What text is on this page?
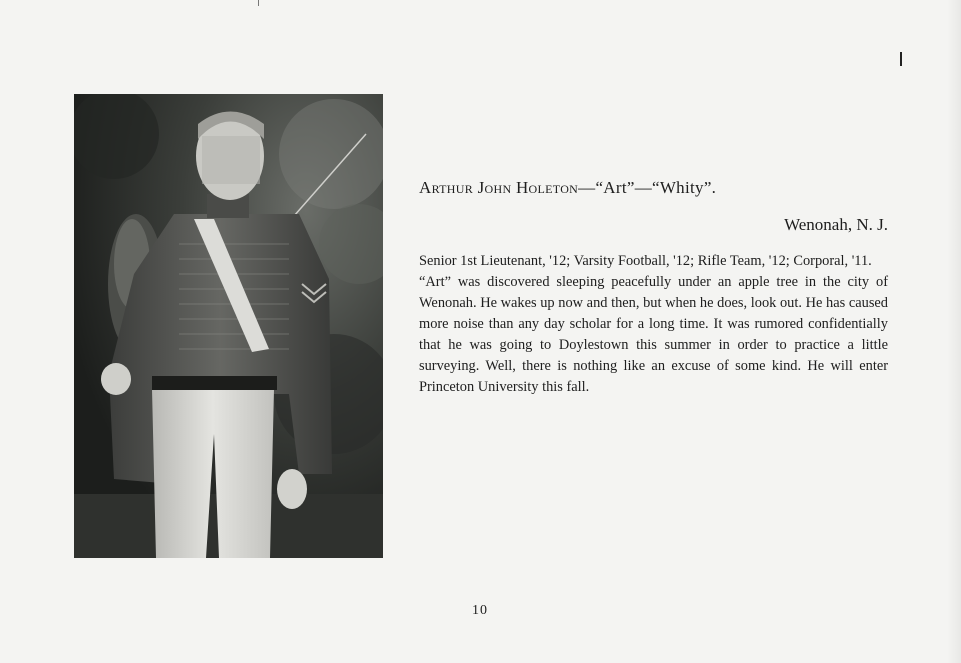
Arthur John Holeton—“Art”—“Whity”.
Wenonah, N. J.

Senior 1st Lieutenant, '12; Varsity Football, '12; Rifle Team, '12; Corporal, '11.

“Art” was discovered sleeping peacefully under an apple tree in the city of Wenonah. He wakes up now and then, but when he does, look out. He has caused more noise than any day scholar for a long time. It was rumored confidentially that he was going to Doylestown this summer in order to practice a little surveying. Well, there is nothing like an excuse of some kind. He will enter Princeton University this fall.

10
